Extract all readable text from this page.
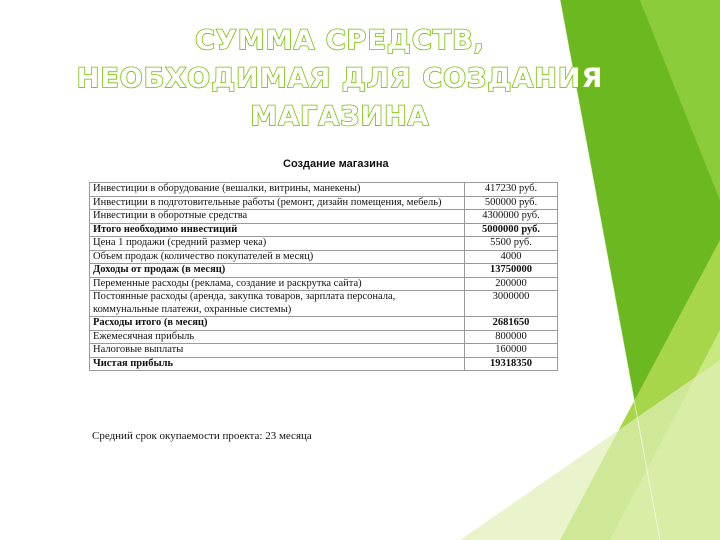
СУММА СРЕДСТВ,
НЕОБХОДИМАЯ ДЛЯ СОЗДАНИЯ
МАГАЗИНА
Создание магазина
Инвестиции в оборудование (вешалки, витрины, манекены)	417230 руб.
Инвестиции в подготовительные работы (ремонт, дизайн помещения, мебель)	500000 руб.
Инвестиции в оборотные средства	4300000 руб.
Итого необходимо инвестиций	5000000 руб.
Цена 1 продажи (средний размер чека)	5500 руб.
Объем продаж (количество покупателей в месяц)	4000
Доходы от продаж (в месяц)	13750000
Переменные расходы (реклама, создание и раскрутка сайта)	200000
Постоянные расходы (аренда, закупка товаров, зарплата персонала, коммунальные платежи, охранные системы)	3000000
Расходы итого (в месяц)	2681650
Ежемесячная прибыль	800000
Налоговые выплаты	160000
Чистая прибыль	19318350
Средний срок окупаемости проекта: 23 месяца
